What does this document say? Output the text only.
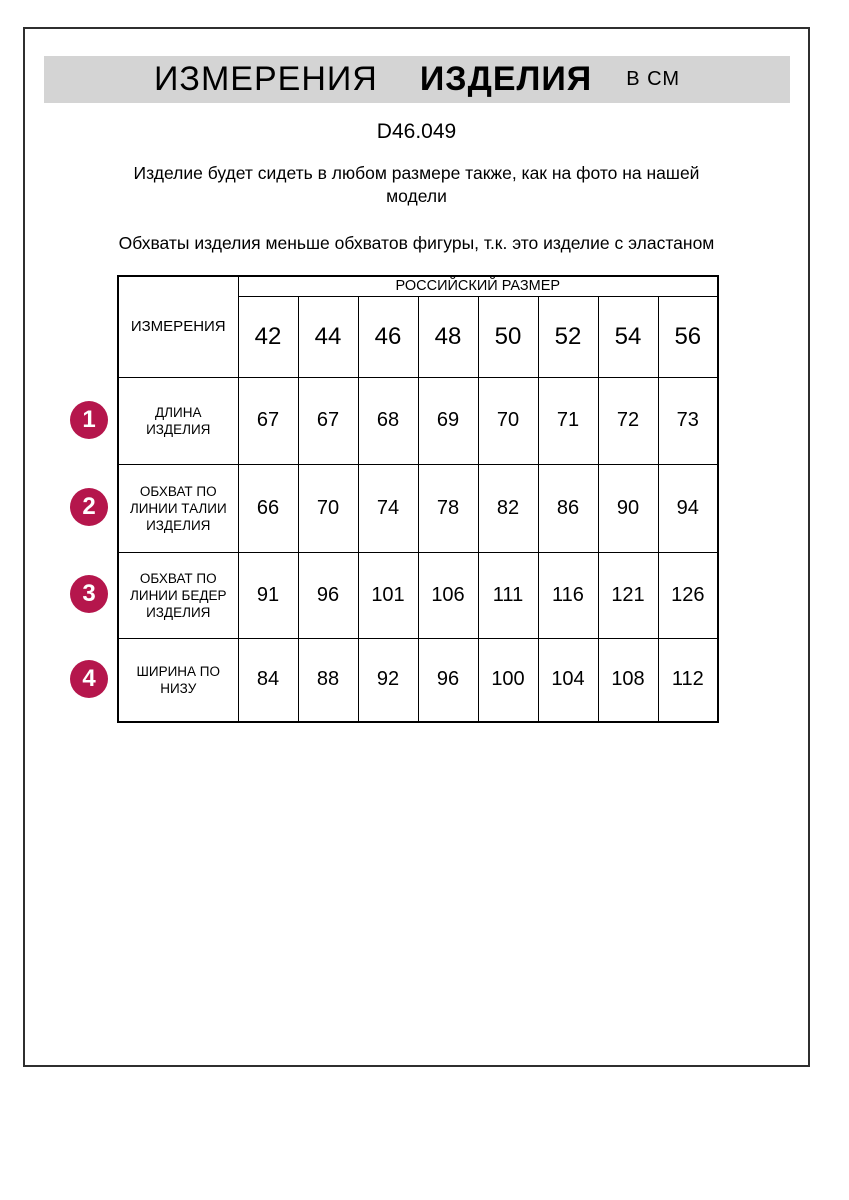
ИЗМЕРЕНИЯ ИЗДЕЛИЯ В СМ
D46.049
Изделие будет сидеть в любом размере также, как на фото на нашей модели
Обхваты изделия меньше обхватов фигуры, т.к. это изделие с эластаном
1
2
3
4
ИЗМЕРЕНИЯ	РОССИЙСКИЙ РАЗМЕР							
	42	44	46	48	50	52	54	56
ДЛИНА ИЗДЕЛИЯ	67	67	68	69	70	71	72	73
ОБХВАТ ПО ЛИНИИ ТАЛИИ ИЗДЕЛИЯ	66	70	74	78	82	86	90	94
ОБХВАТ ПО ЛИНИИ БЕДЕР ИЗДЕЛИЯ	91	96	101	106	111	116	121	126
ШИРИНА ПО НИЗУ	84	88	92	96	100	104	108	112
